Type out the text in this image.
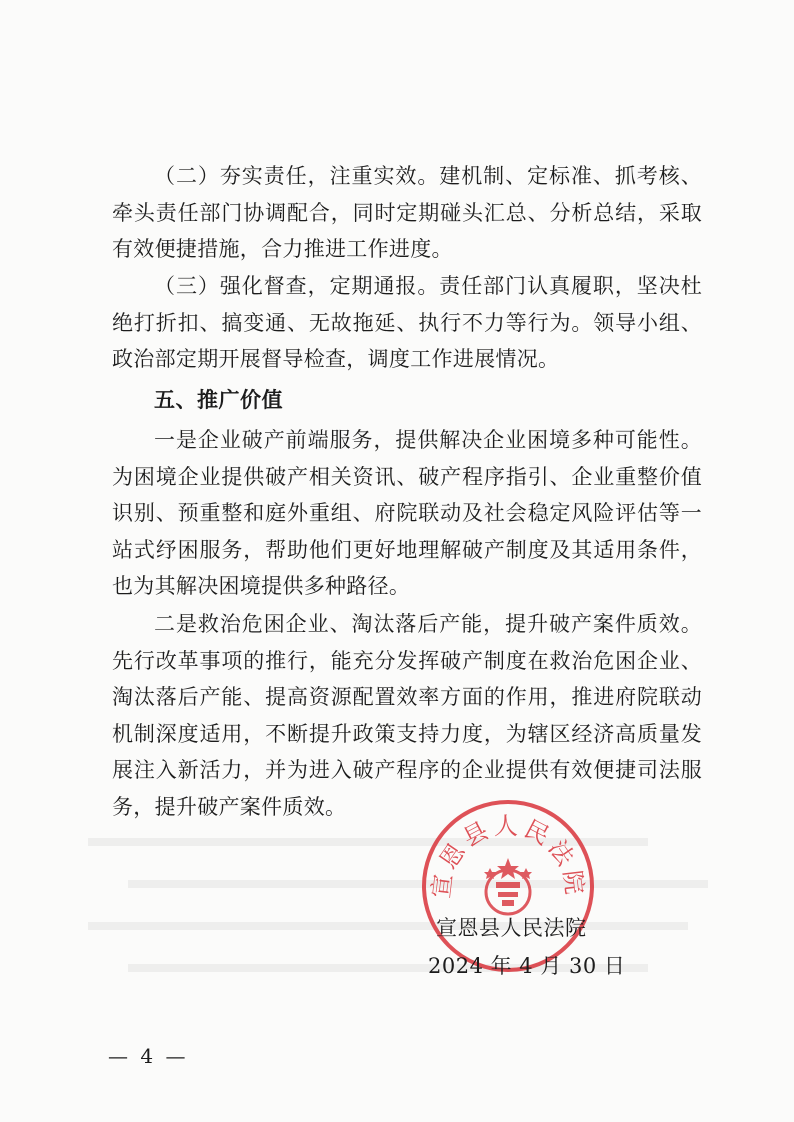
（二）夯实责任，注重实效。建机制、定标准、抓考核、牵头责任部门协调配合，同时定期碰头汇总、分析总结，采取有效便捷措施，合力推进工作进度。

（三）强化督查，定期通报。责任部门认真履职，坚决杜绝打折扣、搞变通、无故拖延、执行不力等行为。领导小组、政治部定期开展督导检查，调度工作进展情况。

五、推广价值

一是企业破产前端服务，提供解决企业困境多种可能性。为困境企业提供破产相关资讯、破产程序指引、企业重整价值识别、预重整和庭外重组、府院联动及社会稳定风险评估等一站式纾困服务，帮助他们更好地理解破产制度及其适用条件，也为其解决困境提供多种路径。

二是救治危困企业、淘汰落后产能，提升破产案件质效。先行改革事项的推行，能充分发挥破产制度在救治危困企业、淘汰落后产能、提高资源配置效率方面的作用，推进府院联动机制深度适用，不断提升政策支持力度，为辖区经济高质量发展注入新活力，并为进入破产程序的企业提供有效便捷司法服务，提升破产案件质效。

宣恩县人民法院
宣恩县人民法院
2024 年 4 月 30 日
— 4 —
